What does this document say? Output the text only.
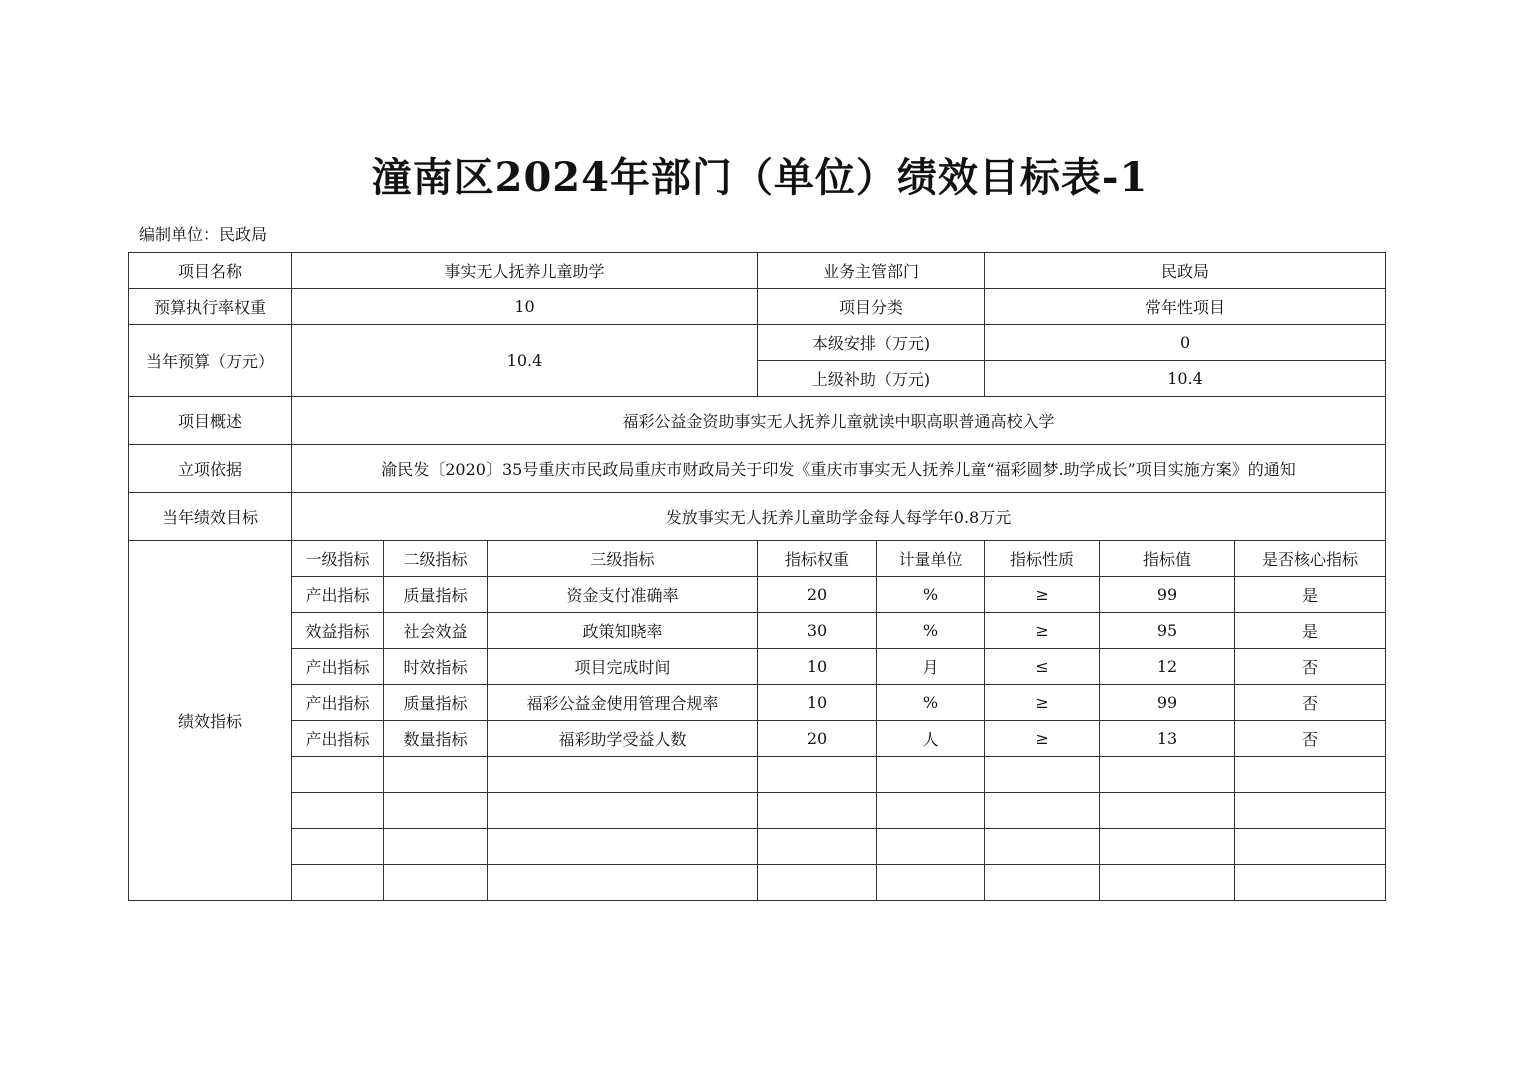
潼南区2024年部门（单位）绩效目标表-1
编制单位：民政局
项目名称	事实无人抚养儿童助学			业务主管部门		民政局		
预算执行率权重	10			项目分类		常年性项目		
当年预算（万元）	10.4			本级安排（万元)		0		
				上级补助（万元)		10.4		
项目概述	福彩公益金资助事实无人抚养儿童就读中职高职普通高校入学							
立项依据	渝民发〔2020〕35号重庆市民政局重庆市财政局关于印发《重庆市事实无人抚养儿童“福彩圆梦.助学成长”项目实施方案》的通知							
当年绩效目标	发放事实无人抚养儿童助学金每人每学年0.8万元							
绩效指标	一级指标	二级指标	三级指标	指标权重	计量单位	指标性质	指标值	是否核心指标
	产出指标	质量指标	资金支付准确率	20	%	≥	99	是
	效益指标	社会效益	政策知晓率	30	%	≥	95	是
	产出指标	时效指标	项目完成时间	10	月	≤	12	否
	产出指标	质量指标	福彩公益金使用管理合规率	10	%	≥	99	否
	产出指标	数量指标	福彩助学受益人数	20	人	≥	13	否
